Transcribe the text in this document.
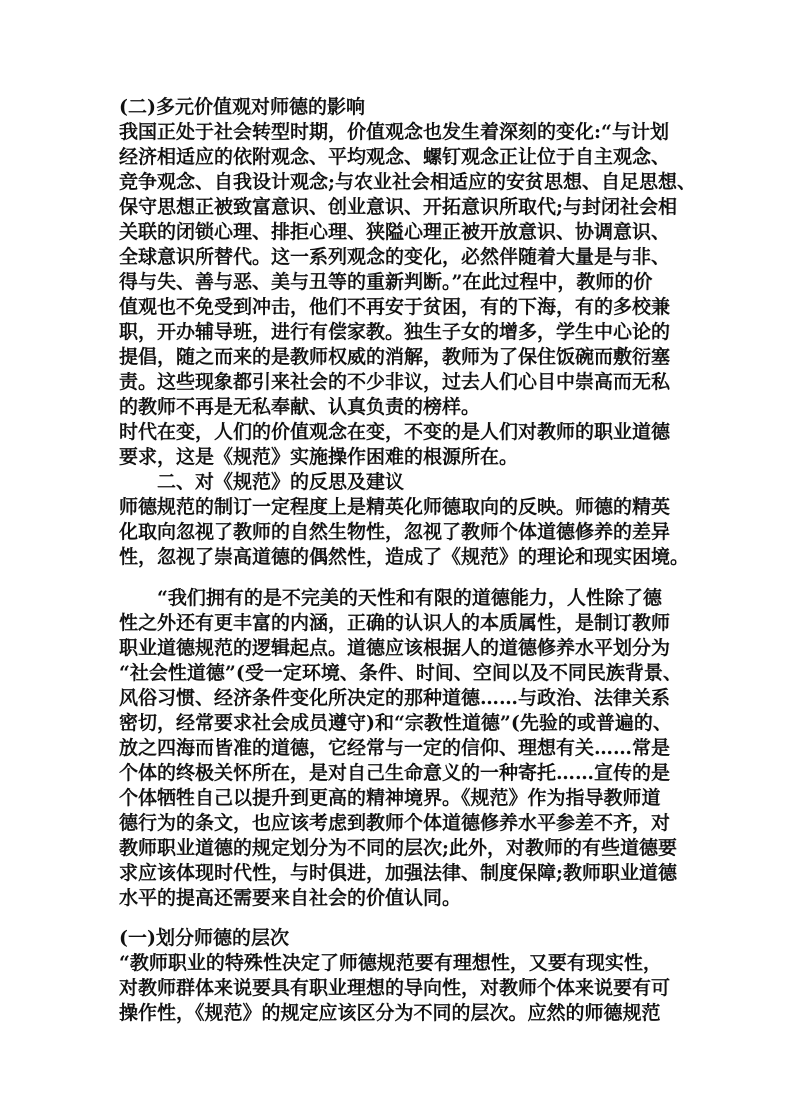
(二)多元价值观对师德的影响
我国正处于社会转型时期，价值观念也发生着深刻的变化:“与计划
经济相适应的依附观念、平均观念、螺钉观念正让位于自主观念、
竞争观念、自我设计观念;与农业社会相适应的安贫思想、自足思想、
保守思想正被致富意识、创业意识、开拓意识所取代;与封闭社会相
关联的闭锁心理、排拒心理、狭隘心理正被开放意识、协调意识、
全球意识所替代。这一系列观念的变化，必然伴随着大量是与非、
得与失、善与恶、美与丑等的重新判断。”在此过程中，教师的价
值观也不免受到冲击，他们不再安于贫困，有的下海，有的多校兼
职，开办辅导班，进行有偿家教。独生子女的增多，学生中心论的
提倡，随之而来的是教师权威的消解，教师为了保住饭碗而敷衍塞
责。这些现象都引来社会的不少非议，过去人们心目中崇高而无私
的教师不再是无私奉献、认真负责的榜样。
时代在变，人们的价值观念在变，不变的是人们对教师的职业道德
要求，这是《规范》实施操作困难的根源所在。
二、对《规范》的反思及建议
师德规范的制订一定程度上是精英化师德取向的反映。师德的精英
化取向忽视了教师的自然生物性，忽视了教师个体道德修养的差异
性，忽视了崇高道德的偶然性，造成了《规范》的理论和现实困境。
“我们拥有的是不完美的天性和有限的道德能力，人性除了德
性之外还有更丰富的内涵，正确的认识人的本质属性，是制订教师
职业道德规范的逻辑起点。道德应该根据人的道德修养水平划分为
“社会性道德”(受一定环境、条件、时间、空间以及不同民族背景、
风俗习惯、经济条件变化所决定的那种道德……与政治、法律关系
密切，经常要求社会成员遵守)和“宗教性道德”(先验的或普遍的、
放之四海而皆准的道德，它经常与一定的信仰、理想有关……常是
个体的终极关怀所在，是对自己生命意义的一种寄托……宣传的是
个体牺牲自己以提升到更高的精神境界。《规范》作为指导教师道
德行为的条文，也应该考虑到教师个体道德修养水平参差不齐，对
教师职业道德的规定划分为不同的层次;此外，对教师的有些道德要
求应该体现时代性，与时俱进，加强法律、制度保障;教师职业道德
水平的提高还需要来自社会的价值认同。
(一)划分师德的层次
“教师职业的特殊性决定了师德规范要有理想性，又要有现实性，
对教师群体来说要具有职业理想的导向性，对教师个体来说要有可
操作性，《规范》的规定应该区分为不同的层次。应然的师德规范
